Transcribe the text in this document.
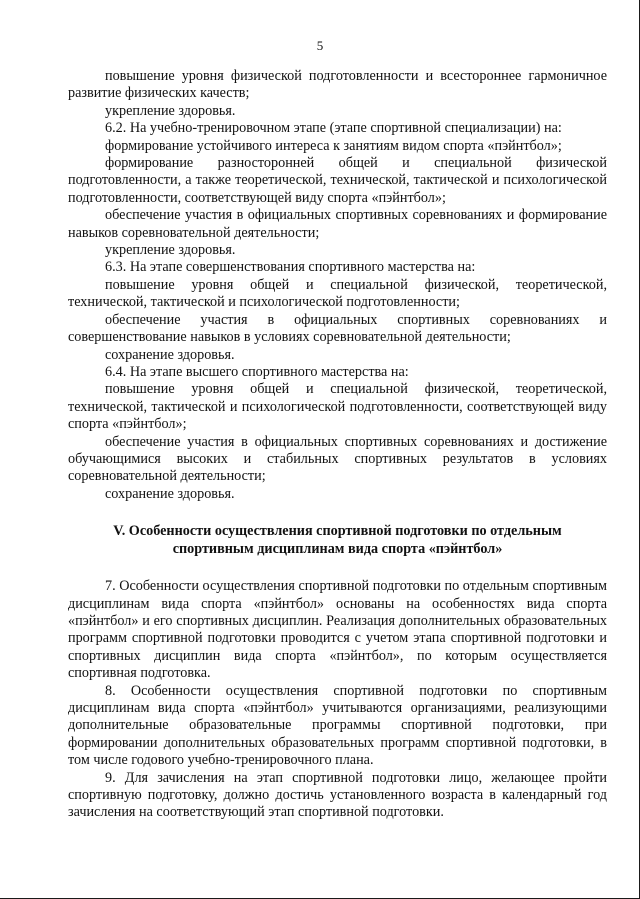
5

повышение уровня физической подготовленности и всестороннее гармоничное развитие физических качеств;

укрепление здоровья.

6.2. На учебно-тренировочном этапе (этапе спортивной специализации) на:

формирование устойчивого интереса к занятиям видом спорта «пэйнтбол»;

формирование разносторонней общей и специальной физической подготовленности, а также теоретической, технической, тактической и психологической подготовленности, соответствующей виду спорта «пэйнтбол»;

обеспечение участия в официальных спортивных соревнованиях и формирование навыков соревновательной деятельности;

укрепление здоровья.

6.3. На этапе совершенствования спортивного мастерства на:

повышение уровня общей и специальной физической, теоретической, технической, тактической и психологической подготовленности;

обеспечение участия в официальных спортивных соревнованиях и совершенствование навыков в условиях соревновательной деятельности;

сохранение здоровья.

6.4. На этапе высшего спортивного мастерства на:

повышение уровня общей и специальной физической, теоретической, технической, тактической и психологической подготовленности, соответствующей виду спорта «пэйнтбол»;

обеспечение участия в официальных спортивных соревнованиях и достижение обучающимися высоких и стабильных спортивных результатов в условиях соревновательной деятельности;

сохранение здоровья.

V. Особенности осуществления спортивной подготовки по отдельным
спортивным дисциплинам вида спорта «пэйнтбол»

7. Особенности осуществления спортивной подготовки по отдельным спортивным дисциплинам вида спорта «пэйнтбол» основаны на особенностях вида спорта «пэйнтбол» и его спортивных дисциплин. Реализация дополнительных образовательных программ спортивной подготовки проводится с учетом этапа спортивной подготовки и спортивных дисциплин вида спорта «пэйнтбол», по которым осуществляется спортивная подготовка.

8. Особенности осуществления спортивной подготовки по спортивным дисциплинам вида спорта «пэйнтбол» учитываются организациями, реализующими дополнительные образовательные программы спортивной подготовки, при формировании дополнительных образовательных программ спортивной подготовки, в том числе годового учебно-тренировочного плана.

9. Для зачисления на этап спортивной подготовки лицо, желающее пройти спортивную подготовку, должно достичь установленного возраста в календарный год зачисления на соответствующий этап спортивной подготовки.
